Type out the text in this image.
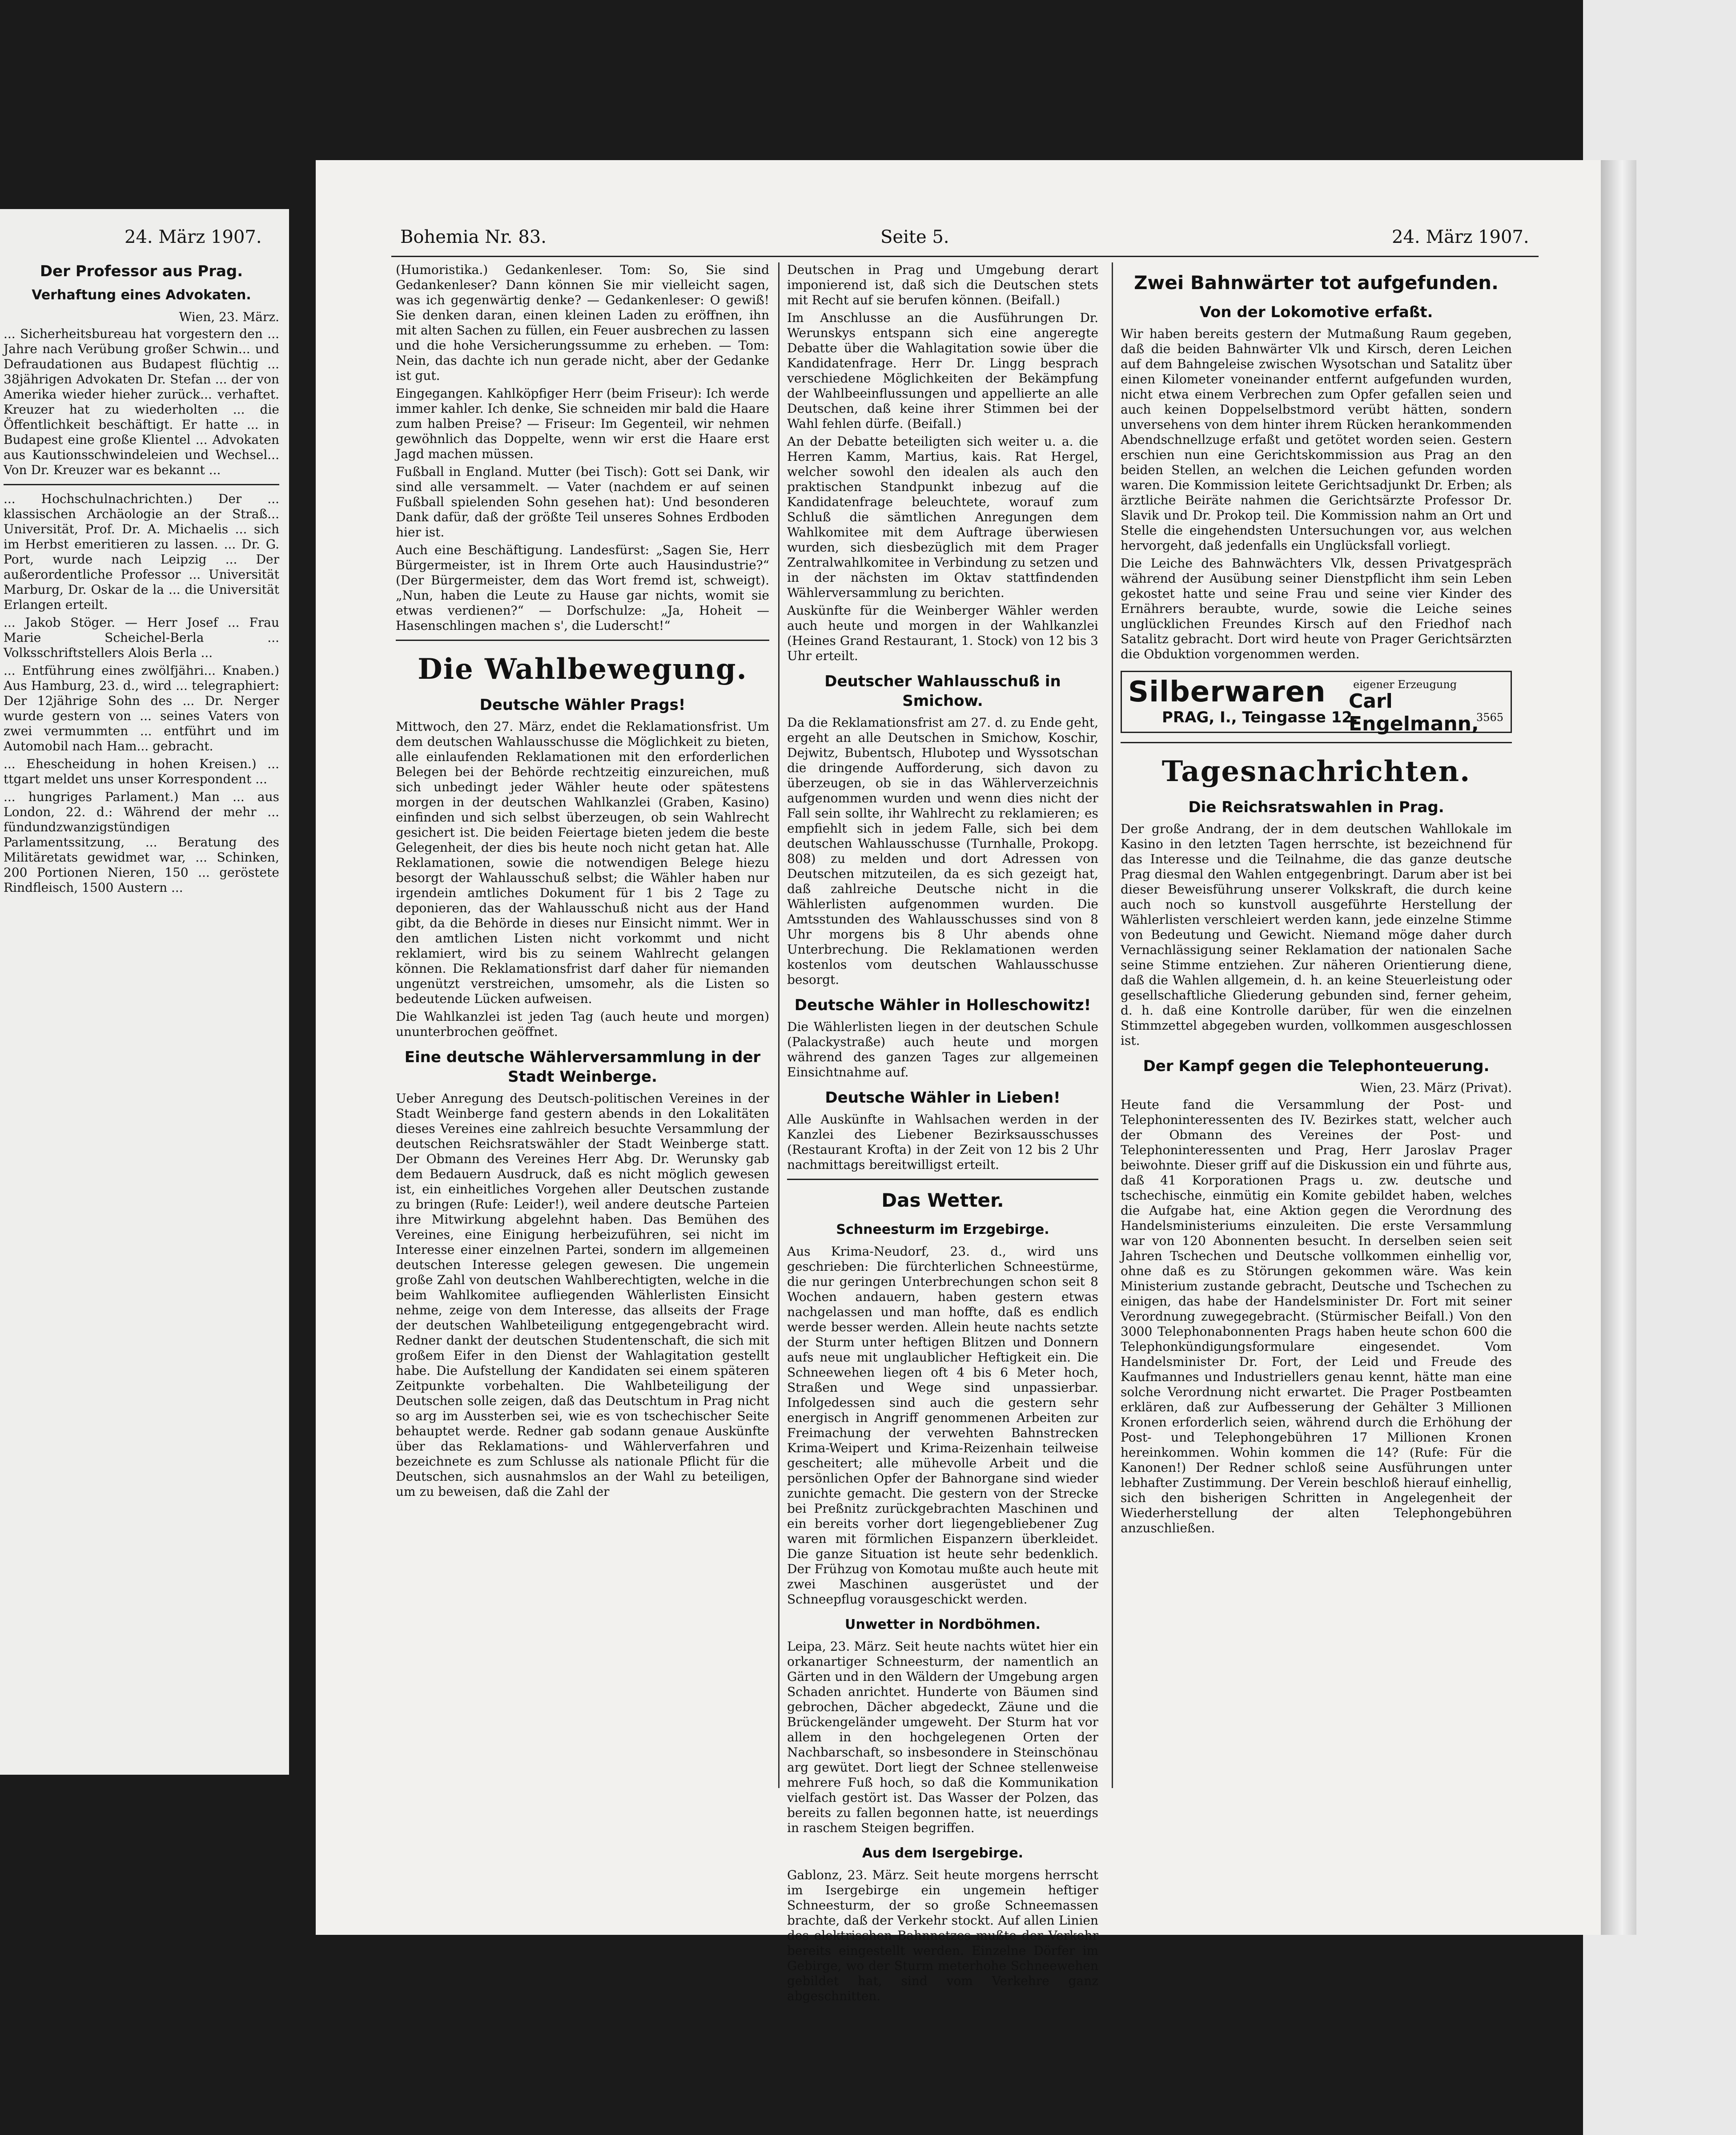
24. März 1907.
Der Professor aus Prag.
Verhaftung eines Advokaten.

Wien, 23. März.

... Sicherheitsbureau hat vorgestern den ... Jahre nach Verübung großer Schwin... und Defraudationen aus Budapest flüchtig ... 38jährigen Advokaten Dr. Stefan ... der von Amerika wieder hieher zurück... verhaftet. Kreuzer hat zu wiederholten ... die Öffentlichkeit beschäftigt. Er hatte ... in Budapest eine große Klientel ... Advokaten aus Kautionsschwindeleien und Wechsel... Von Dr. Kreuzer war es bekannt ...

... Hochschulnachrichten.) Der ... klassischen Archäologie an der Straß... Universität, Prof. Dr. A. Michaelis ... sich im Herbst emeritieren zu lassen. ... Dr. G. Port, wurde nach Leipzig ... Der außerordentliche Professor ... Universität Marburg, Dr. Oskar de la ... die Universität Erlangen erteilt.

... Jakob Stöger. — Herr Josef ... Frau Marie Scheichel-Berla ... Volksschriftstellers Alois Berla ...

... Entführung eines zwölfjähri... Knaben.) Aus Hamburg, 23. d., wird ... telegraphiert: Der 12jährige Sohn des ... Dr. Nerger wurde gestern von ... seines Vaters von zwei vermummten ... entführt und im Automobil nach Ham... gebracht.

... Ehescheidung in hohen Kreisen.) ... ttgart meldet uns unser Korrespondent ...

... hungriges Parlament.) Man ... aus London, 22. d.: Während der mehr ... fündundzwanzigstündigen Parlamentssitzung, ... Beratung des Militäretats gewidmet war, ... Schinken, 200 Portionen Nieren, 150 ... geröstete Rindfleisch, 1500 Austern ...

Bohemia Nr. 83.	Seite 5.	24. März 1907.

(Humoristika.) Gedankenleser. Tom: So, Sie sind Gedankenleser? Dann können Sie mir vielleicht sagen, was ich gegenwärtig denke? — Gedankenleser: O gewiß! Sie denken daran, einen kleinen Laden zu eröffnen, ihn mit alten Sachen zu füllen, ein Feuer ausbrechen zu lassen und die hohe Versicherungssumme zu erheben. — Tom: Nein, das dachte ich nun gerade nicht, aber der Gedanke ist gut.

Eingegangen. Kahlköpfiger Herr (beim Friseur): Ich werde immer kahler. Ich denke, Sie schneiden mir bald die Haare zum halben Preise? — Friseur: Im Gegenteil, wir nehmen gewöhnlich das Doppelte, wenn wir erst die Haare erst Jagd machen müssen.

Fußball in England. Mutter (bei Tisch): Gott sei Dank, wir sind alle versammelt. — Vater (nachdem er auf seinen Fußball spielenden Sohn gesehen hat): Und besonderen Dank dafür, daß der größte Teil unseres Sohnes Erdboden hier ist.

Auch eine Beschäftigung. Landesfürst: „Sagen Sie, Herr Bürgermeister, ist in Ihrem Orte auch Hausindustrie?“ (Der Bürgermeister, dem das Wort fremd ist, schweigt). „Nun, haben die Leute zu Hause gar nichts, womit sie etwas verdienen?“ — Dorfschulze: „Ja, Hoheit — Hasenschlingen machen s', die Luderscht!“

Die Wahlbewegung.
Deutsche Wähler Prags!

Mittwoch, den 27. März, endet die Reklamationsfrist. Um dem deutschen Wahlausschusse die Möglichkeit zu bieten, alle einlaufenden Reklamationen mit den erforderlichen Belegen bei der Behörde rechtzeitig einzureichen, muß sich unbedingt jeder Wähler heute oder spätestens morgen in der deutschen Wahlkanzlei (Graben, Kasino) einfinden und sich selbst überzeugen, ob sein Wahlrecht gesichert ist. Die beiden Feiertage bieten jedem die beste Gelegenheit, der dies bis heute noch nicht getan hat. Alle Reklamationen, sowie die notwendigen Belege hiezu besorgt der Wahlausschuß selbst; die Wähler haben nur irgendein amtliches Dokument für 1 bis 2 Tage zu deponieren, das der Wahlausschuß nicht aus der Hand gibt, da die Behörde in dieses nur Einsicht nimmt. Wer in den amtlichen Listen nicht vorkommt und nicht reklamiert, wird bis zu seinem Wahlrecht gelangen können. Die Reklamationsfrist darf daher für niemanden ungenützt verstreichen, umsomehr, als die Listen so bedeutende Lücken aufweisen.

Die Wahlkanzlei ist jeden Tag (auch heute und morgen) ununterbrochen geöffnet.

Eine deutsche Wählerversammlung in der Stadt Weinberge.

Ueber Anregung des Deutsch-politischen Vereines in der Stadt Weinberge fand gestern abends in den Lokalitäten dieses Vereines eine zahlreich besuchte Versammlung der deutschen Reichsratswähler der Stadt Weinberge statt. Der Obmann des Vereines Herr Abg. Dr. Werunsky gab dem Bedauern Ausdruck, daß es nicht möglich gewesen ist, ein einheitliches Vorgehen aller Deutschen zustande zu bringen (Rufe: Leider!), weil andere deutsche Parteien ihre Mitwirkung abgelehnt haben. Das Bemühen des Vereines, eine Einigung herbeizuführen, sei nicht im Interesse einer einzelnen Partei, sondern im allgemeinen deutschen Interesse gelegen gewesen. Die ungemein große Zahl von deutschen Wahlberechtigten, welche in die beim Wahlkomitee aufliegenden Wählerlisten Einsicht nehme, zeige von dem Interesse, das allseits der Frage der deutschen Wahlbeteiligung entgegengebracht wird. Redner dankt der deutschen Studentenschaft, die sich mit großem Eifer in den Dienst der Wahlagitation gestellt habe. Die Aufstellung der Kandidaten sei einem späteren Zeitpunkte vorbehalten. Die Wahlbeteiligung der Deutschen solle zeigen, daß das Deutschtum in Prag nicht so arg im Aussterben sei, wie es von tschechischer Seite behauptet werde. Redner gab sodann genaue Auskünfte über das Reklamations- und Wählerverfahren und bezeichnete es zum Schlusse als nationale Pflicht für die Deutschen, sich ausnahmslos an der Wahl zu beteiligen, um zu beweisen, daß die Zahl der

Deutschen in Prag und Umgebung derart imponierend ist, daß sich die Deutschen stets mit Recht auf sie berufen können. (Beifall.)

Im Anschlusse an die Ausführungen Dr. Werunskys entspann sich eine angeregte Debatte über die Wahlagitation sowie über die Kandidatenfrage. Herr Dr. Lingg besprach verschiedene Möglichkeiten der Bekämpfung der Wahlbeeinflussungen und appellierte an alle Deutschen, daß keine ihrer Stimmen bei der Wahl fehlen dürfe. (Beifall.)

An der Debatte beteiligten sich weiter u. a. die Herren Kamm, Martius, kais. Rat Hergel, welcher sowohl den idealen als auch den praktischen Standpunkt inbezug auf die Kandidatenfrage beleuchtete, worauf zum Schluß die sämtlichen Anregungen dem Wahlkomitee mit dem Auftrage überwiesen wurden, sich diesbezüglich mit dem Prager Zentralwahlkomitee in Verbindung zu setzen und in der nächsten im Oktav stattfindenden Wählerversammlung zu berichten.

Auskünfte für die Weinberger Wähler werden auch heute und morgen in der Wahlkanzlei (Heines Grand Restaurant, 1. Stock) von 12 bis 3 Uhr erteilt.

Deutscher Wahlausschuß in Smichow.

Da die Reklamationsfrist am 27. d. zu Ende geht, ergeht an alle Deutschen in Smichow, Koschir, Dejwitz, Bubentsch, Hlubotep und Wyssotschan die dringende Aufforderung, sich davon zu überzeugen, ob sie in das Wählerverzeichnis aufgenommen wurden und wenn dies nicht der Fall sein sollte, ihr Wahlrecht zu reklamieren; es empfiehlt sich in jedem Falle, sich bei dem deutschen Wahlausschusse (Turnhalle, Prokopg. 808) zu melden und dort Adressen von Deutschen mitzuteilen, da es sich gezeigt hat, daß zahlreiche Deutsche nicht in die Wählerlisten aufgenommen wurden. Die Amtsstunden des Wahlausschusses sind von 8 Uhr morgens bis 8 Uhr abends ohne Unterbrechung. Die Reklamationen werden kostenlos vom deutschen Wahlausschusse besorgt.

Deutsche Wähler in Holleschowitz!

Die Wählerlisten liegen in der deutschen Schule (Palackystraße) auch heute und morgen während des ganzen Tages zur allgemeinen Einsichtnahme auf.

Deutsche Wähler in Lieben!

Alle Auskünfte in Wahlsachen werden in der Kanzlei des Liebener Bezirksausschusses (Restaurant Krofta) in der Zeit von 12 bis 2 Uhr nachmittags bereitwilligst erteilt.

Das Wetter.
Schneesturm im Erzgebirge.

Aus Krima-Neudorf, 23. d., wird uns geschrieben: Die fürchterlichen Schneestürme, die nur geringen Unterbrechungen schon seit 8 Wochen andauern, haben gestern etwas nachgelassen und man hoffte, daß es endlich werde besser werden. Allein heute nachts setzte der Sturm unter heftigen Blitzen und Donnern aufs neue mit unglaublicher Heftigkeit ein. Die Schneewehen liegen oft 4 bis 6 Meter hoch, Straßen und Wege sind unpassierbar. Infolgedessen sind auch die gestern sehr energisch in Angriff genommenen Arbeiten zur Freimachung der verwehten Bahnstrecken Krima-Weipert und Krima-Reizenhain teilweise gescheitert; alle mühevolle Arbeit und die persönlichen Opfer der Bahnorgane sind wieder zunichte gemacht. Die gestern von der Strecke bei Preßnitz zurückgebrachten Maschinen und ein bereits vorher dort liegengebliebener Zug waren mit förmlichen Eispanzern überkleidet. Die ganze Situation ist heute sehr bedenklich. Der Frühzug von Komotau mußte auch heute mit zwei Maschinen ausgerüstet und der Schneepflug vorausgeschickt werden.

Unwetter in Nordböhmen.

Leipa, 23. März. Seit heute nachts wütet hier ein orkanartiger Schneesturm, der namentlich an Gärten und in den Wäldern der Umgebung argen Schaden anrichtet. Hunderte von Bäumen sind gebrochen, Dächer abgedeckt, Zäune und die Brückengeländer umgeweht. Der Sturm hat vor allem in den hochgelegenen Orten der Nachbarschaft, so insbesondere in Steinschönau arg gewütet. Dort liegt der Schnee stellenweise mehrere Fuß hoch, so daß die Kommunikation vielfach gestört ist. Das Wasser der Polzen, das bereits zu fallen begonnen hatte, ist neuerdings in raschem Steigen begriffen.

Aus dem Isergebirge.

Gablonz, 23. März. Seit heute morgens herrscht im Isergebirge ein ungemein heftiger Schneesturm, der so große Schneemassen brachte, daß der Verkehr stockt. Auf allen Linien des elektrischen Bahnnetzes mußte der Verkehr bereits eingestellt werden. Einzelne Dörfer im Gebirge, wo der Sturm meterhohe Schneewehen gebildet hat, sind vom Verkehre ganz abgeschnitten.

Zwei Bahnwärter tot aufgefunden.
Von der Lokomotive erfaßt.

Wir haben bereits gestern der Mutmaßung Raum gegeben, daß die beiden Bahnwärter Vlk und Kirsch, deren Leichen auf dem Bahngeleise zwischen Wysotschan und Satalitz über einen Kilometer voneinander entfernt aufgefunden wurden, nicht etwa einem Verbrechen zum Opfer gefallen seien und auch keinen Doppelselbstmord verübt hätten, sondern unversehens von dem hinter ihrem Rücken herankommenden Abendschnellzuge erfaßt und getötet worden seien. Gestern erschien nun eine Gerichtskommission aus Prag an den beiden Stellen, an welchen die Leichen gefunden worden waren. Die Kommission leitete Gerichtsadjunkt Dr. Erben; als ärztliche Beiräte nahmen die Gerichtsärzte Professor Dr. Slavik und Dr. Prokop teil. Die Kommission nahm an Ort und Stelle die eingehendsten Untersuchungen vor, aus welchen hervorgeht, daß jedenfalls ein Unglücksfall vorliegt.

Die Leiche des Bahnwächters Vlk, dessen Privatgespräch während der Ausübung seiner Dienstpflicht ihm sein Leben gekostet hatte und seine Frau und seine vier Kinder des Ernährers beraubte, wurde, sowie die Leiche seines unglücklichen Freundes Kirsch auf den Friedhof nach Satalitz gebracht. Dort wird heute von Prager Gerichtsärzten die Obduktion vorgenommen werden.

Silberwaren	eigener Erzeugung
Carl Engelmann,
PRAG, I., Teingasse 12.	3565
Tagesnachrichten.
Die Reichsratswahlen in Prag.

Der große Andrang, der in dem deutschen Wahllokale im Kasino in den letzten Tagen herrschte, ist bezeichnend für das Interesse und die Teilnahme, die das ganze deutsche Prag diesmal den Wahlen entgegenbringt. Darum aber ist bei dieser Beweisführung unserer Volkskraft, die durch keine auch noch so kunstvoll ausgeführte Herstellung der Wählerlisten verschleiert werden kann, jede einzelne Stimme von Bedeutung und Gewicht. Niemand möge daher durch Vernachlässigung seiner Reklamation der nationalen Sache seine Stimme entziehen. Zur näheren Orientierung diene, daß die Wahlen allgemein, d. h. an keine Steuerleistung oder gesellschaftliche Gliederung gebunden sind, ferner geheim, d. h. daß eine Kontrolle darüber, für wen die einzelnen Stimmzettel abgegeben wurden, vollkommen ausgeschlossen ist.

Der Kampf gegen die Telephonteuerung.

Wien, 23. März (Privat).

Heute fand die Versammlung der Post- und Telephoninteressenten des IV. Bezirkes statt, welcher auch der Obmann des Vereines der Post- und Telephoninteressenten und Prag, Herr Jaroslav Prager beiwohnte. Dieser griff auf die Diskussion ein und führte aus, daß 41 Korporationen Prags u. zw. deutsche und tschechische, einmütig ein Komite gebildet haben, welches die Aufgabe hat, eine Aktion gegen die Verordnung des Handelsministeriums einzuleiten. Die erste Versammlung war von 120 Abonnenten besucht. In derselben seien seit Jahren Tschechen und Deutsche vollkommen einhellig vor, ohne daß es zu Störungen gekommen wäre. Was kein Ministerium zustande gebracht, Deutsche und Tschechen zu einigen, das habe der Handelsminister Dr. Fort mit seiner Verordnung zuwegegebracht. (Stürmischer Beifall.) Von den 3000 Telephonabonnenten Prags haben heute schon 600 die Telephonkündigungsformulare eingesendet. Vom Handelsminister Dr. Fort, der Leid und Freude des Kaufmannes und Industriellers genau kennt, hätte man eine solche Verordnung nicht erwartet. Die Prager Postbeamten erklären, daß zur Aufbesserung der Gehälter 3 Millionen Kronen erforderlich seien, während durch die Erhöhung der Post- und Telephongebühren 17 Millionen Kronen hereinkommen. Wohin kommen die 14? (Rufe: Für die Kanonen!) Der Redner schloß seine Ausführungen unter lebhafter Zustimmung. Der Verein beschloß hierauf einhellig, sich den bisherigen Schritten in Angelegenheit der Wiederherstellung der alten Telephongebühren anzuschließen.
